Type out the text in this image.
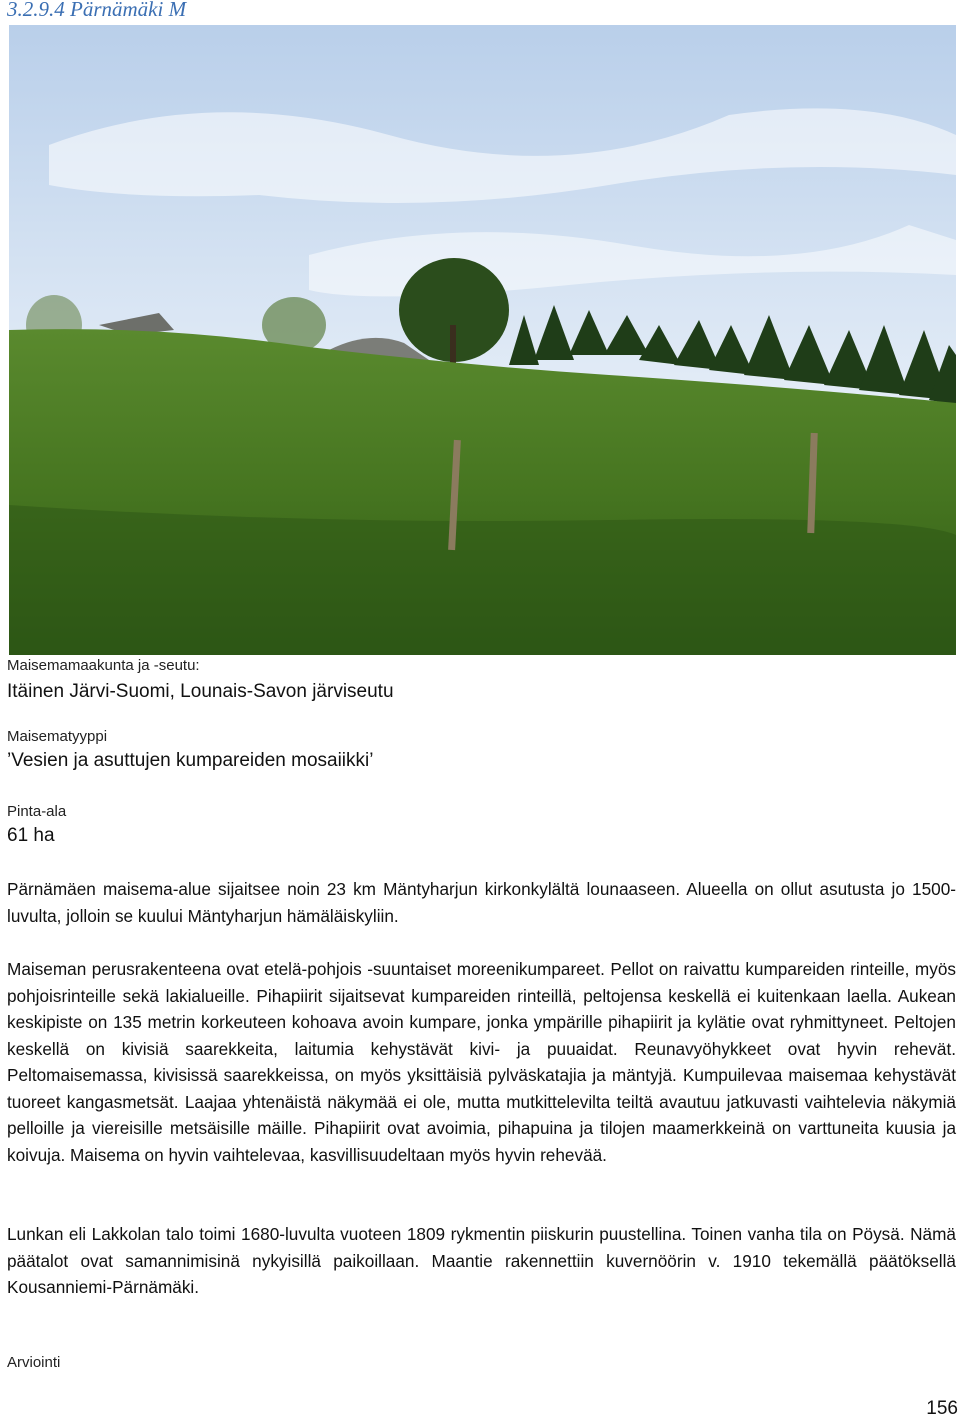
3.2.9.4 Pärnämäki M
Maisemamaakunta ja -seutu:
Itäinen Järvi-Suomi, Lounais-Savon järviseutu
Maisematyyppi
’Vesien ja asuttujen kumpareiden mosaiikki’
Pinta-ala
61 ha

Pärnämäen maisema-alue sijaitsee noin 23 km Mäntyharjun kirkonkylältä lounaaseen. Alueella on ollut asutusta jo 1500-luvulta, jolloin se kuului Mäntyharjun hämäläiskyliin.

Maiseman perusrakenteena ovat etelä-pohjois -suuntaiset moreenikumpareet. Pellot on raivattu kumpareiden rinteille, myös pohjoisrinteille sekä lakialueille. Pihapiirit sijaitsevat kumpareiden rinteillä, peltojensa keskellä ei kuitenkaan laella. Aukean keskipiste on 135 metrin korkeuteen kohoava avoin kumpare, jonka ympärille pihapiirit ja kylätie ovat ryhmittyneet. Peltojen keskellä on kivisiä saarekkeita, laitumia kehystävät kivi- ja puuaidat. Reunavyöhykkeet ovat hyvin rehevät. Peltomaisemassa, kivisissä saarekkeissa, on myös yksittäisiä pylväskatajia ja mäntyjä. Kumpuilevaa maisemaa kehystävät tuoreet kangasmetsät. Laajaa yhtenäistä näkymää ei ole, mutta mutkittelevilta teiltä avautuu jatkuvasti vaihtelevia näkymiä pelloille ja viereisille metsäisille mäille. Pihapiirit ovat avoimia, pihapuina ja tilojen maamerkkeinä on varttuneita kuusia ja koivuja. Maisema on hyvin vaihtelevaa, kasvillisuudeltaan myös hyvin rehevää.

Lunkan eli Lakkolan talo toimi 1680-luvulta vuoteen 1809 rykmentin piiskurin puustellina. Toinen vanha tila on Pöysä. Nämä päätalot ovat samannimisinä nykyisillä paikoillaan. Maantie rakennettiin kuvernöörin v. 1910 tekemällä päätöksellä Kousanniemi-Pärnämäki.

Arviointi
156
